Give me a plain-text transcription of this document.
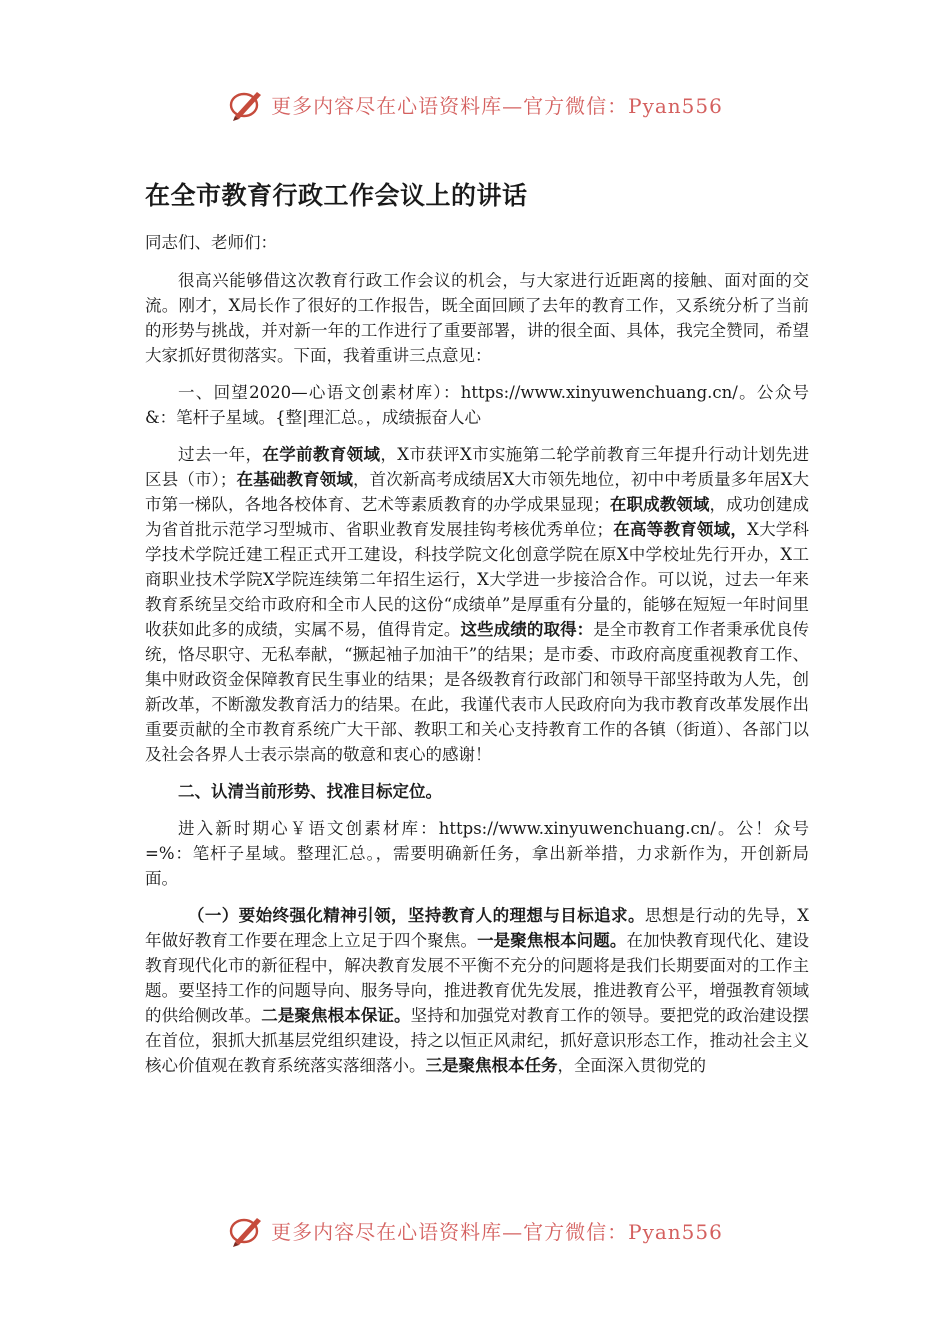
更多内容尽在心语资料库—官方微信：Pyan556
在全市教育行政工作会议上的讲话

同志们、老师们：

很高兴能够借这次教育行政工作会议的机会，与大家进行近距离的接触、面对面的交流。刚才，X局长作了很好的工作报告，既全面回顾了去年的教育工作，又系统分析了当前的形势与挑战，并对新一年的工作进行了重要部署，讲的很全面、具体，我完全赞同，希望大家抓好贯彻落实。下面，我着重讲三点意见：

一、回望2020—心语文创素材库）：https://www.xinyuwenchuang.cn/。公众号&：笔杆子星域。{整|理汇总。，成绩振奋人心

过去一年，在学前教育领域，X市获评X市实施第二轮学前教育三年提升行动计划先进区县（市）；在基础教育领域，首次新高考成绩居X大市领先地位，初中中考质量多年居X大市第一梯队，各地各校体育、艺术等素质教育的办学成果显现；在职成教领域，成功创建成为省首批示范学习型城市、省职业教育发展挂钩考核优秀单位；在高等教育领域，X大学科学技术学院迁建工程正式开工建设，科技学院文化创意学院在原X中学校址先行开办，X工商职业技术学院X学院连续第二年招生运行，X大学进一步接洽合作。可以说，过去一年来教育系统呈交给市政府和全市人民的这份“成绩单”是厚重有分量的，能够在短短一年时间里收获如此多的成绩，实属不易，值得肯定。这些成绩的取得：是全市教育工作者秉承优良传统，恪尽职守、无私奉献，“撅起袖子加油干”的结果；是市委、市政府高度重视教育工作、集中财政资金保障教育民生事业的结果；是各级教育行政部门和领导干部坚持敢为人先，创新改革，不断激发教育活力的结果。在此，我谨代表市人民政府向为我市教育改革发展作出重要贡献的全市教育系统广大干部、教职工和关心支持教育工作的各镇（街道）、各部门以及社会各界人士表示崇高的敬意和衷心的感谢！

二、认清当前形势、找准目标定位。

进入新时期心￥语文创素材库：https://www.xinyuwenchuang.cn/。公！众号=%：笔杆子星域。整理汇总。，需要明确新任务，拿出新举措，力求新作为，开创新局面。

（一）要始终强化精神引领，坚持教育人的理想与目标追求。思想是行动的先导，X年做好教育工作要在理念上立足于四个聚焦。一是聚焦根本问题。在加快教育现代化、建设教育现代化市的新征程中，解决教育发展不平衡不充分的问题将是我们长期要面对的工作主题。要坚持工作的问题导向、服务导向，推进教育优先发展，推进教育公平，增强教育领域的供给侧改革。二是聚焦根本保证。坚持和加强党对教育工作的领导。要把党的政治建设摆在首位，狠抓大抓基层党组织建设，持之以恒正风肃纪，抓好意识形态工作，推动社会主义核心价值观在教育系统落实落细落小。三是聚焦根本任务，全面深入贯彻党的

更多内容尽在心语资料库—官方微信：Pyan556
